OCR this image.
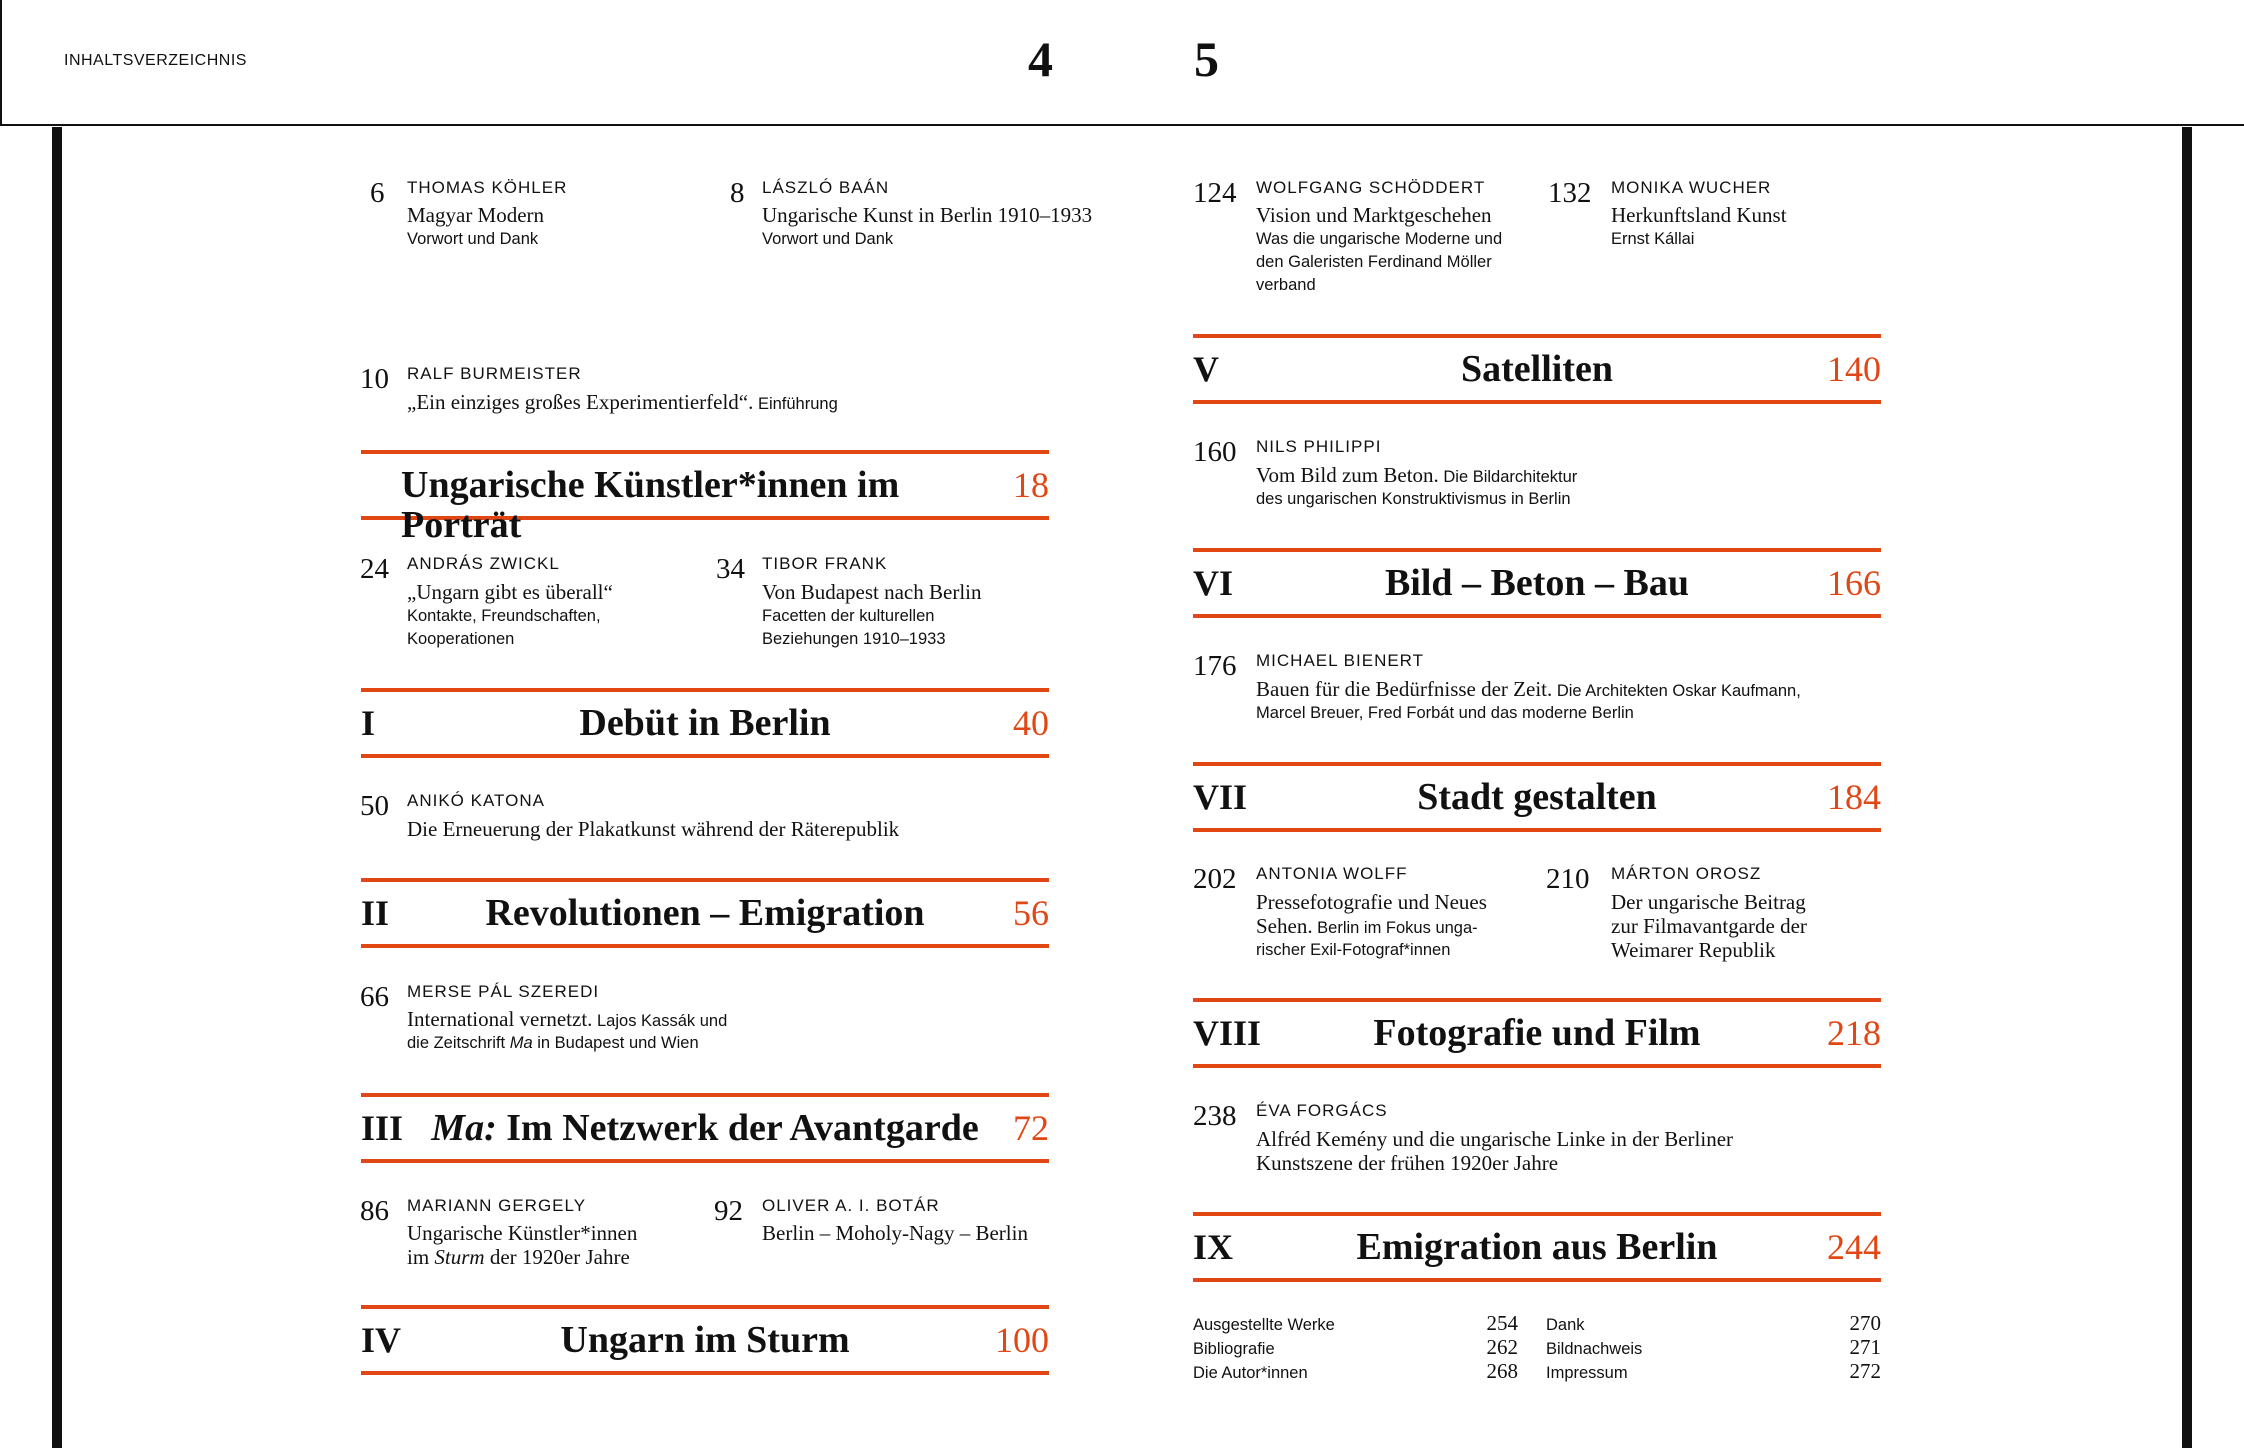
INHALTSVERZEICHNIS	4	5
6 THOMAS KÖHLER
Magyar Modern
Vorwort und Dank
8 LÁSZLÓ BAÁN
Ungarische Kunst in Berlin 1910–1933
Vorwort und Dank
10 RALF BURMEISTER
„Ein einziges großes Experimentierfeld“. Einführung
Ungarische Künstler*innen im Porträt
18
24 ANDRÁS ZWICKL
„Ungarn gibt es überall“
Kontakte, Freundschaften,
Kooperationen
34 TIBOR FRANK
Von Budapest nach Berlin
Facetten der kulturellen
Beziehungen 1910–1933
I	Debüt in Berlin	40
50 ANIKÓ KATONA
Die Erneuerung der Plakatkunst während der Räterepublik
II	Revolutionen – Emigration	56
66 MERSE PÁL SZEREDI
International vernetzt. Lajos Kassák und
die Zeitschrift Ma in Budapest und Wien
III Ma: Im Netzwerk der Avantgarde 72
86 MARIANN GERGELY
Ungarische Künstler*innen
im Sturm der 1920er Jahre
92 OLIVER A. I. BOTÁR
Berlin – Moholy-Nagy – Berlin
IV	Ungarn im Sturm	100
124 WOLFGANG SCHÖDDERT
Vision und Marktgeschehen
Was die ungarische Moderne und
den Galeristen Ferdinand Möller
verband
132 MONIKA WUCHER
Herkunftsland Kunst
Ernst Kállai
V	Satelliten	140
160 NILS PHILIPPI
Vom Bild zum Beton. Die Bildarchitektur
des ungarischen Konstruktivismus in Berlin
VI	Bild – Beton – Bau	166
176 MICHAEL BIENERT
Bauen für die Bedürfnisse der Zeit. Die Architekten Oskar Kaufmann,
Marcel Breuer, Fred Forbát und das moderne Berlin
VII	Stadt gestalten	184
202 ANTONIA WOLFF
Pressefotografie und Neues
Sehen. Berlin im Fokus unga-
rischer Exil-Fotograf*innen
210 MÁRTON OROSZ
Der ungarische Beitrag
zur Filmavantgarde der
Weimarer Republik
VIII	Fotografie und Film	218
238 ÉVA FORGÁCS
Alfréd Kemény und die ungarische Linke in der Berliner
Kunstszene der frühen 1920er Jahre
IX	Emigration aus Berlin	244
Ausgestellte Werke	254
Bibliografie	262
Die Autor*innen	268
Dank	270
Bildnachweis	271
Impressum	272
